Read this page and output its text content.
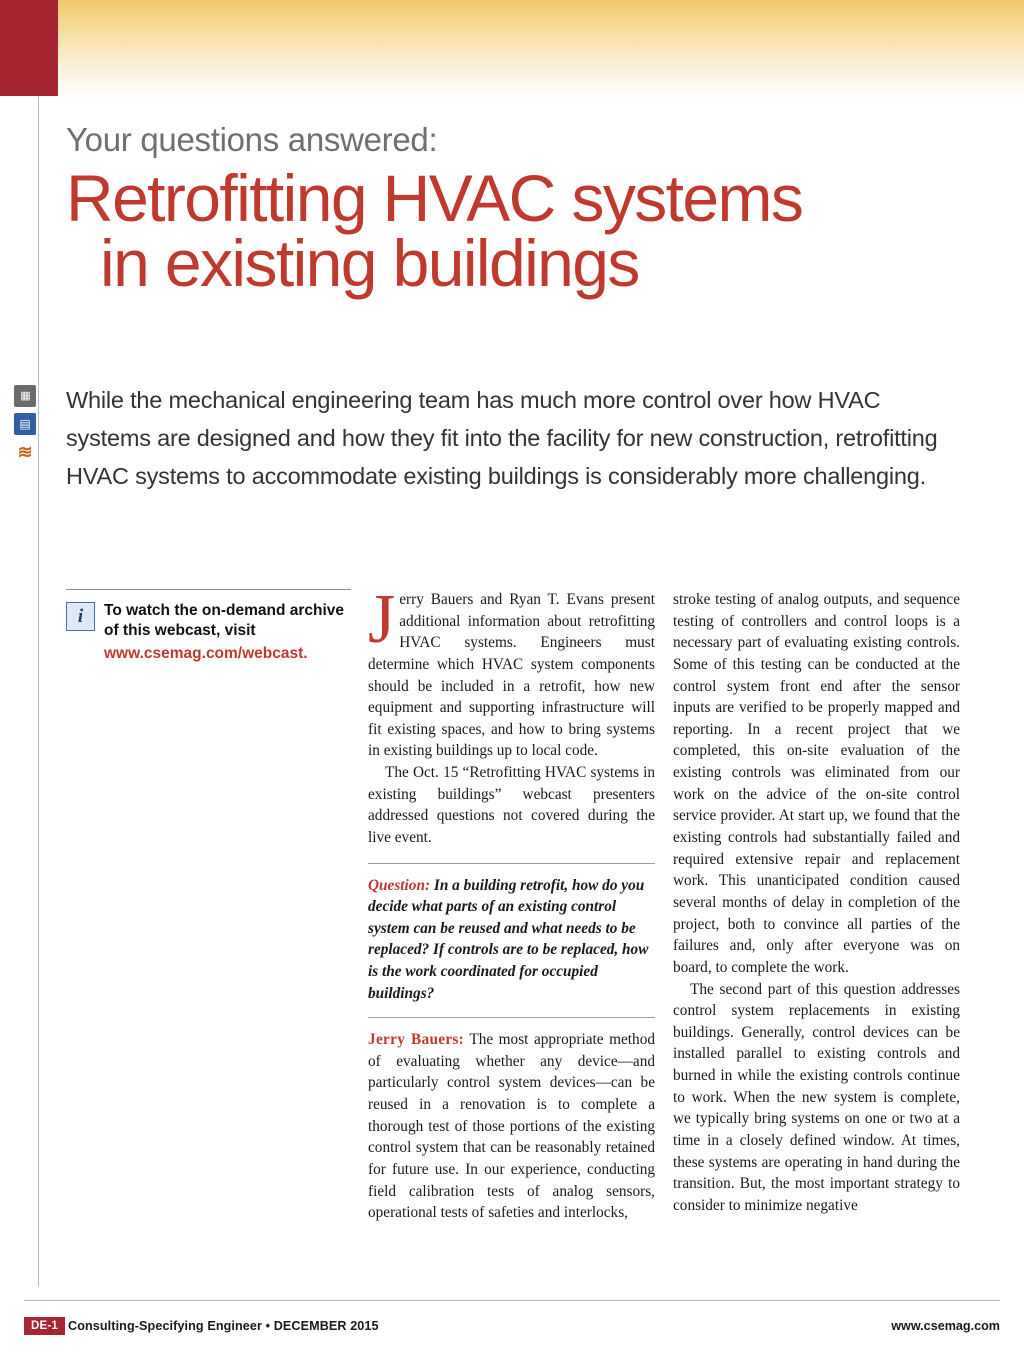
▦
▤
≋
Your questions answered:
Retrofitting HVAC systems
in existing buildings
While the mechanical engineering team has much more control over how HVAC systems are designed and how they fit into the facility for new construction, retrofitting HVAC systems to accommodate existing buildings is considerably more challenging.
i	To watch the on-demand archive of this webcast, visit
www.csemag.com/webcast. Jerry Bauers and Ryan T. Evans present additional information about retrofitting HVAC systems. Engineers must determine which HVAC system components should be included in a retrofit, how new equipment and supporting infrastructure will fit existing spaces, and how to bring systems in existing buildings up to local code.

The Oct. 15 “Retrofitting HVAC systems in existing buildings” webcast presenters addressed questions not covered during the live event.

Question: In a building retrofit, how do you decide what parts of an existing control system can be reused and what needs to be replaced? If controls are to be replaced, how is the work coordinated for occupied buildings?

Jerry Bauers: The most appropriate method of evaluating whether any device—and particularly control system devices—can be reused in a renovation is to complete a thorough test of those portions of the existing control system that can be reasonably retained for future use. In our experience, conducting field calibration tests of analog sensors, operational tests of safeties and interlocks,

stroke testing of analog outputs, and sequence testing of controllers and control loops is a necessary part of evaluating existing controls. Some of this testing can be conducted at the control system front end after the sensor inputs are verified to be properly mapped and reporting. In a recent project that we completed, this on-site evaluation of the existing controls was eliminated from our work on the advice of the on-site control service provider. At start up, we found that the existing controls had substantially failed and required extensive repair and replacement work. This unanticipated condition caused several months of delay in completion of the project, both to convince all parties of the failures and, only after everyone was on board, to complete the work.

The second part of this question addresses control system replacements in existing buildings. Generally, control devices can be installed parallel to existing controls and burned in while the existing controls continue to work. When the new system is complete, we typically bring systems on one or two at a time in a closely defined window. At times, these systems are operating in hand during the transition. But, the most important strategy to consider to minimize negative

DE-1 Consulting-Specifying Engineer • DECEMBER 2015	www.csemag.com
